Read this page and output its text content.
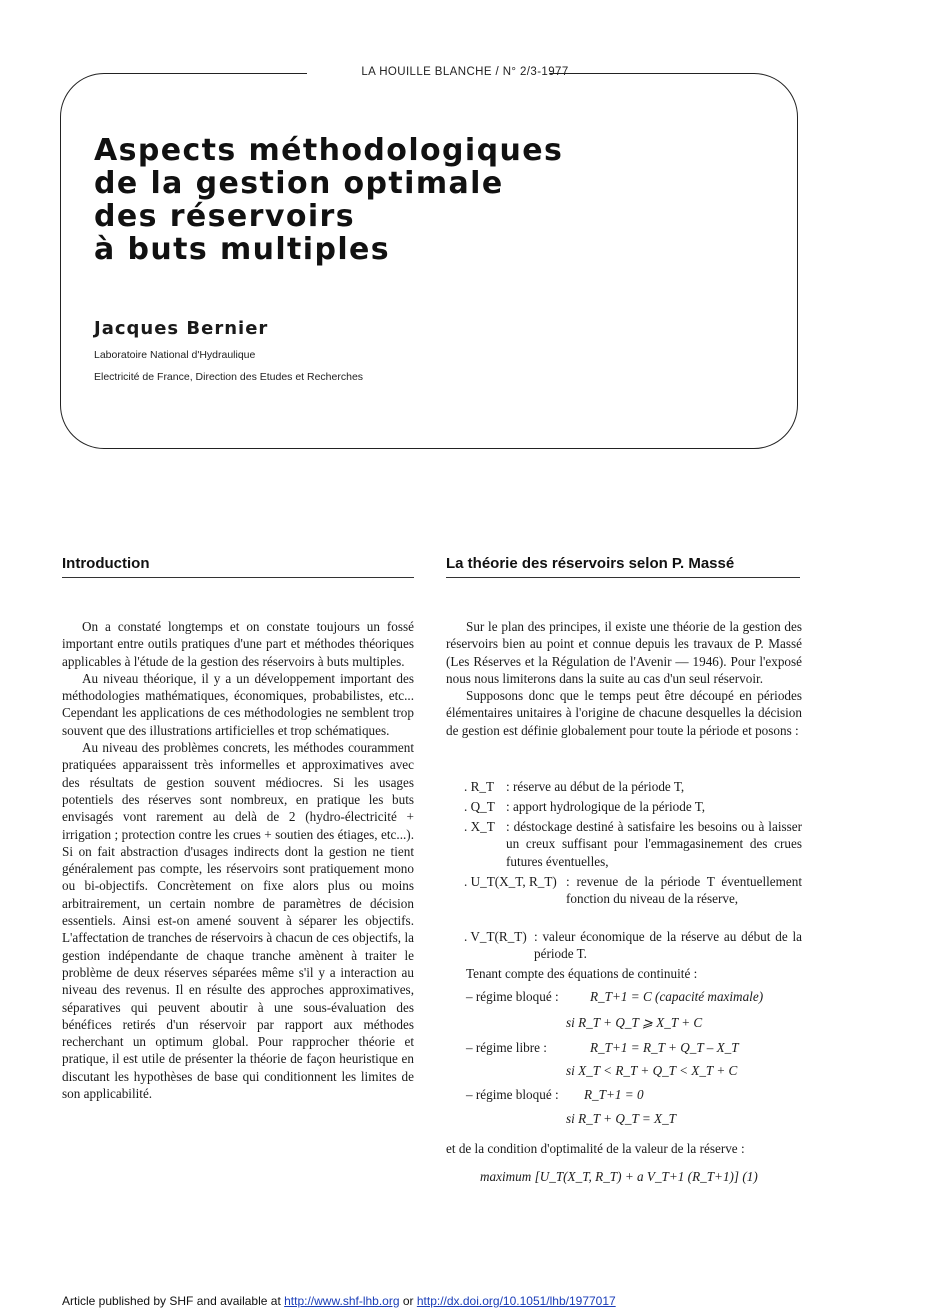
LA HOUILLE BLANCHE / N° 2/3-1977
Aspects méthodologiques
de la gestion optimale
des réservoirs
à buts multiples
Jacques Bernier
Laboratoire National d'Hydraulique
Electricité de France, Direction des Etudes et Recherches
Introduction	La théorie des réservoirs selon P. Massé

On a constaté longtemps et on constate toujours un fossé important entre outils pratiques d'une part et méthodes théoriques applicables à l'étude de la gestion des réservoirs à buts multiples.

Au niveau théorique, il y a un développement important des méthodologies mathématiques, économiques, probabilistes, etc... Cependant les applications de ces méthodologies ne semblent trop souvent que des illustrations artificielles et trop schématiques.

Au niveau des problèmes concrets, les méthodes couramment pratiquées apparaissent très informelles et approximatives avec des résultats de gestion souvent médiocres. Si les usages potentiels des réserves sont nombreux, en pratique les buts envisagés vont rarement au delà de 2 (hydro-électricité + irrigation ; protection contre les crues + soutien des étiages, etc...). Si on fait abstraction d'usages indirects dont la gestion ne tient généralement pas compte, les réservoirs sont pratiquement mono ou bi-objectifs. Concrètement on fixe alors plus ou moins arbitrairement, un certain nombre de paramètres de décision essentiels. Ainsi est-on amené souvent à séparer les objectifs. L'affectation de tranches de réservoirs à chacun de ces objectifs, la gestion indépendante de chaque tranche amènent à traiter le problème de deux réserves séparées même s'il y a interaction au niveau des revenus. Il en résulte des approches approximatives, séparatives qui peuvent aboutir à une sous-évaluation des bénéfices retirés d'un réservoir par rapport aux méthodes recherchant un optimum global. Pour rapprocher théorie et pratique, il est utile de présenter la théorie de façon heuristique en discutant les hypothèses de base qui conditionnent les limites de son applicabilité.

Sur le plan des principes, il existe une théorie de la gestion des réservoirs bien au point et connue depuis les travaux de P. Massé (Les Réserves et la Régulation de l'Avenir — 1946). Pour l'exposé nous nous limiterons dans la suite au cas d'un seul réservoir.

Supposons donc que le temps peut être découpé en périodes élémentaires unitaires à l'origine de chacune desquelles la décision de gestion est définie globalement pour toute la période et posons :

. R_T : réserve au début de la période T,
. Q_T : apport hydrologique de la période T,
. X_T : déstockage destiné à satisfaire les besoins ou à laisser un creux suffisant pour l'emmagasinement des crues futures éventuelles,
. U_T(X_T, R_T) : revenue de la période T éventuellement fonction du niveau de la réserve,
. V_T(R_T) : valeur économique de la réserve au début de la période T.
Tenant compte des équations de continuité :
– régime bloqué : R_T+1 = C (capacité maximale)
si R_T + Q_T ⩾ X_T + C
– régime libre :	R_T+1 = R_T + Q_T – X_T
si X_T < R_T + Q_T < X_T + C
– régime bloqué : R_T+1 = 0
si R_T + Q_T = X_T
et de la condition d'optimalité de la valeur de la réserve :
maximum [U_T(X_T, R_T) + a V_T+1 (R_T+1)] (1)
Article published by SHF and available at http://www.shf-lhb.org or http://dx.doi.org/10.1051/lhb/1977017
